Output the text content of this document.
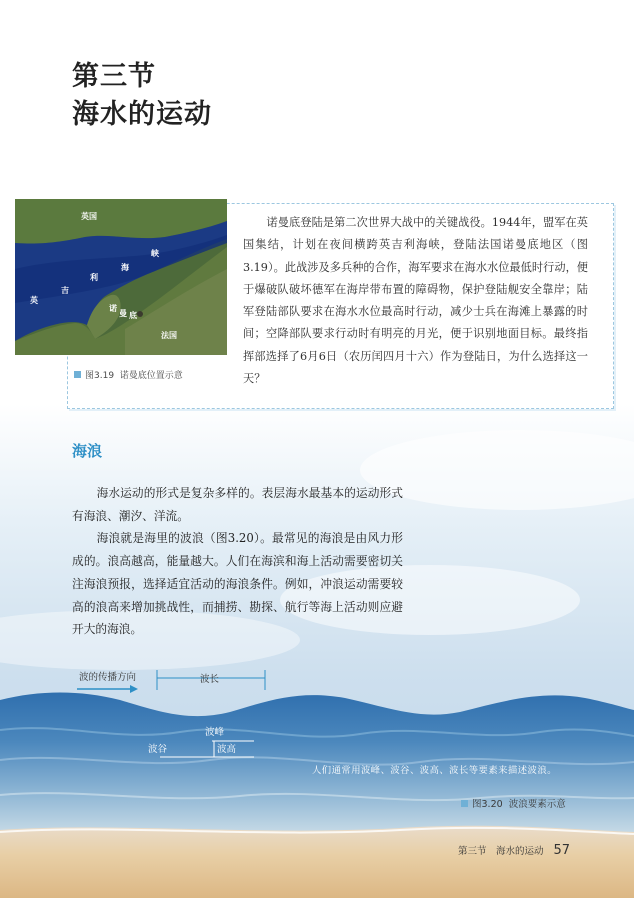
第三节
海水的运动
英国
海
峡
利
吉
英
诺
曼 底
法国
图3.19 诺曼底位置示意

诺曼底登陆是第二次世界大战中的关键战役。1944年，盟军在英国集结，计划在夜间横跨英吉利海峡，登陆法国诺曼底地区（图3.19）。此战涉及多兵种的合作，海军要求在海水水位最低时行动，便于爆破队破坏德军在海岸带布置的障碍物，保护登陆舰安全靠岸；陆军登陆部队要求在海水水位最高时行动，减少士兵在海滩上暴露的时间；空降部队要求行动时有明亮的月光，便于识别地面目标。最终指挥部选择了6月6日（农历闰四月十六）作为登陆日，为什么选择这一天？

海浪

海水运动的形式是复杂多样的。表层海水最基本的运动形式有海浪、潮汐、洋流。

海浪就是海里的波浪（图3.20）。最常见的海浪是由风力形成的。浪高越高，能量越大。人们在海滨和海上活动需要密切关注海浪预报，选择适宜活动的海浪条件。例如，冲浪运动需要较高的浪高来增加挑战性，而捕捞、勘探、航行等海上活动则应避开大的海浪。

波的传播方向	波长
波峰
波谷	波高
人们通常用波峰、波谷、波高、波长等要素来描述波浪。
图3.20 波浪要素示意
第三节　海水的运动 57
